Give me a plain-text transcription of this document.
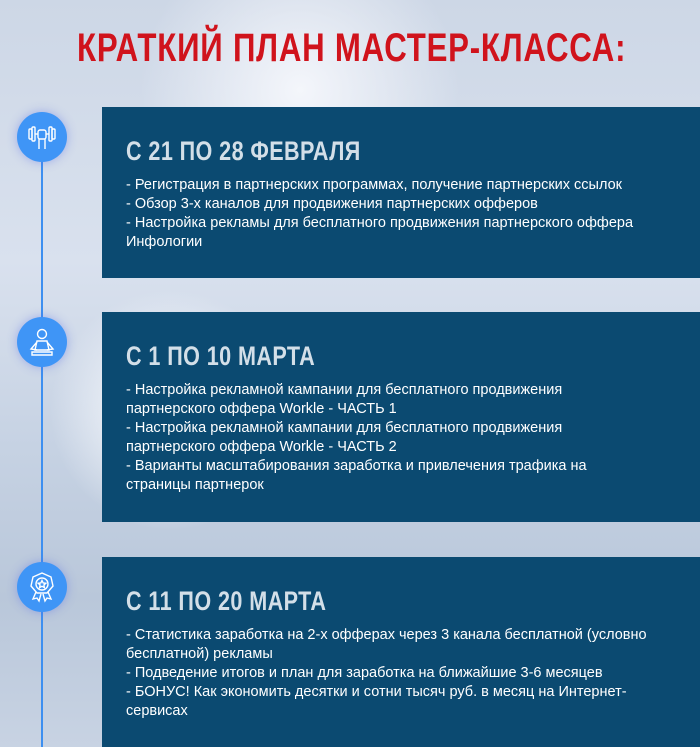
КРАТКИЙ ПЛАН МАСТЕР-КЛАССА:
С 21 ПО 28 ФЕВРАЛЯ
- Регистрация в партнерских программах, получение партнерских ссылок
- Обзор 3-х каналов для продвижения партнерских офферов
- Настройка рекламы для бесплатного продвижения партнерского оффера Инфологии
С 1 ПО 10 МАРТА
- Настройка рекламной кампании для бесплатного продвижения партнерского оффера Workle - ЧАСТЬ 1
- Настройка рекламной кампании для бесплатного продвижения партнерского оффера Workle - ЧАСТЬ 2
- Варианты масштабирования заработка и привлечения трафика на страницы партнерок
С 11 ПО 20 МАРТА
- Статистика заработка на 2-х офферах через 3 канала бесплатной (условно бесплатной) рекламы
- Подведение итогов и план для заработка на ближайшие 3-6 месяцев
- БОНУС! Как экономить десятки и сотни тысяч руб. в месяц на Интернет-сервисах
